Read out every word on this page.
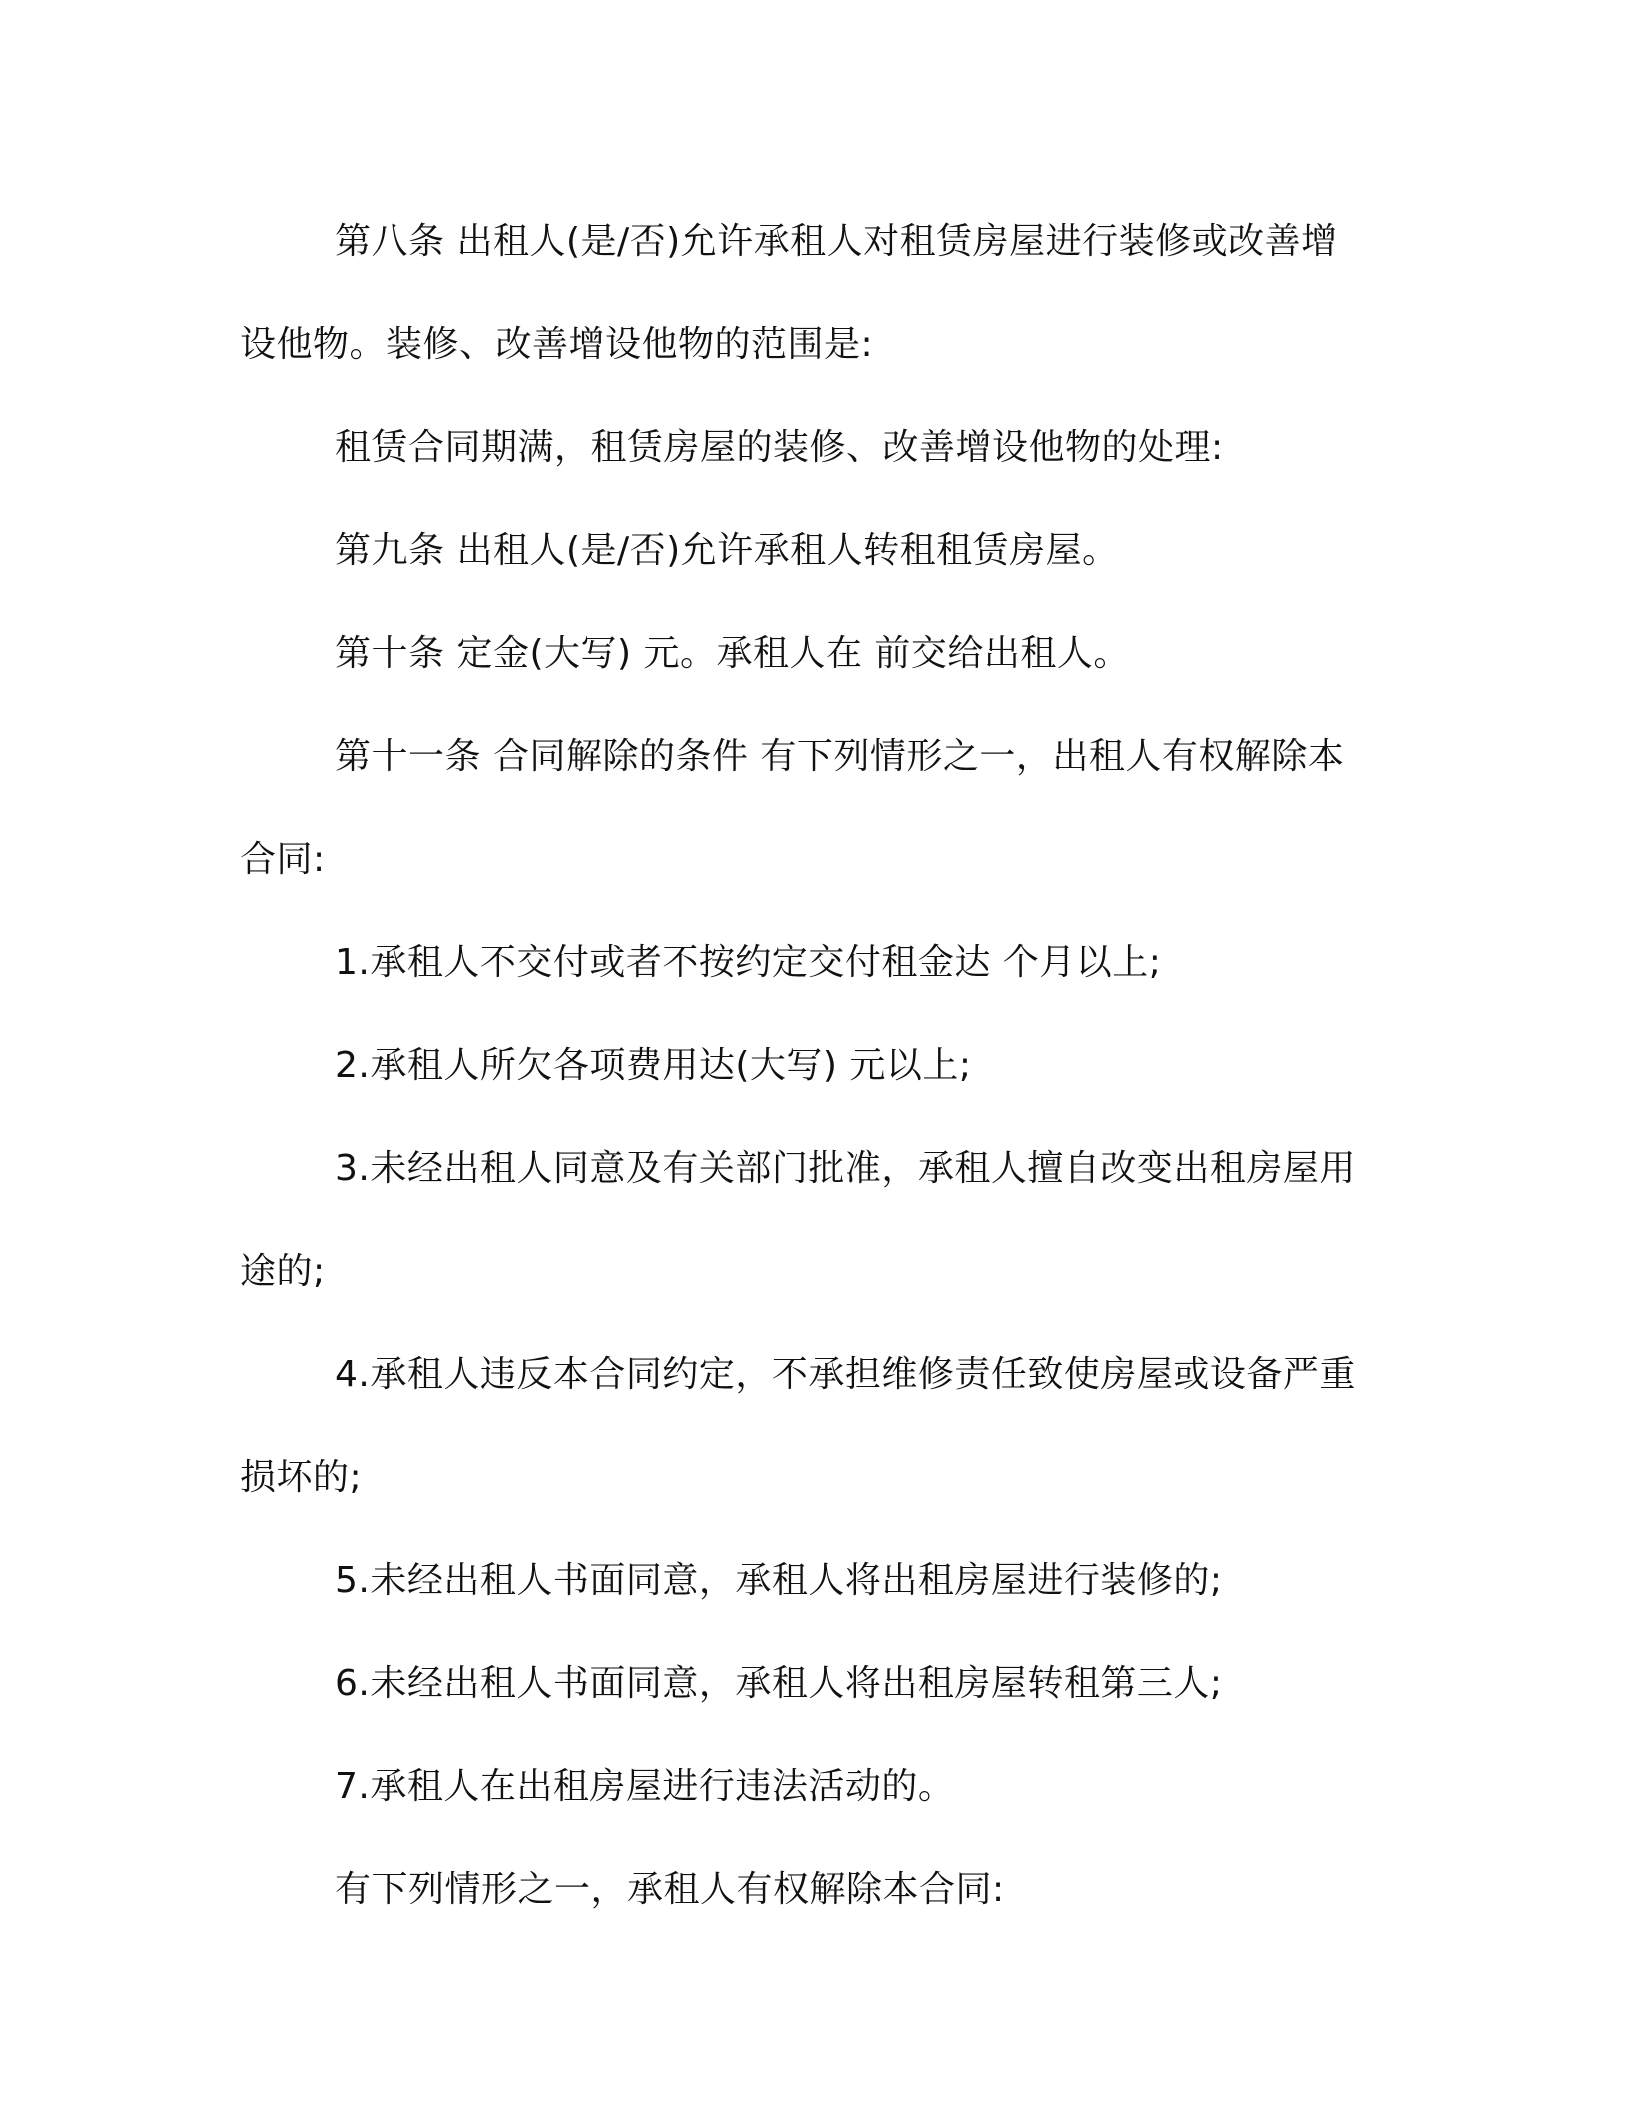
第八条 出租人(是/否)允许承租人对租赁房屋进行装修或改善增设他物。装修、改善增设他物的范围是:

租赁合同期满，租赁房屋的装修、改善增设他物的处理:

第九条 出租人(是/否)允许承租人转租租赁房屋。

第十条 定金(大写) 元。承租人在 前交给出租人。

第十一条 合同解除的条件 有下列情形之一，出租人有权解除本合同:

1.承租人不交付或者不按约定交付租金达 个月以上;

2.承租人所欠各项费用达(大写) 元以上;

3.未经出租人同意及有关部门批准，承租人擅自改变出租房屋用途的;

4.承租人违反本合同约定，不承担维修责任致使房屋或设备严重损坏的;

5.未经出租人书面同意，承租人将出租房屋进行装修的;

6.未经出租人书面同意，承租人将出租房屋转租第三人;

7.承租人在出租房屋进行违法活动的。

有下列情形之一，承租人有权解除本合同:
